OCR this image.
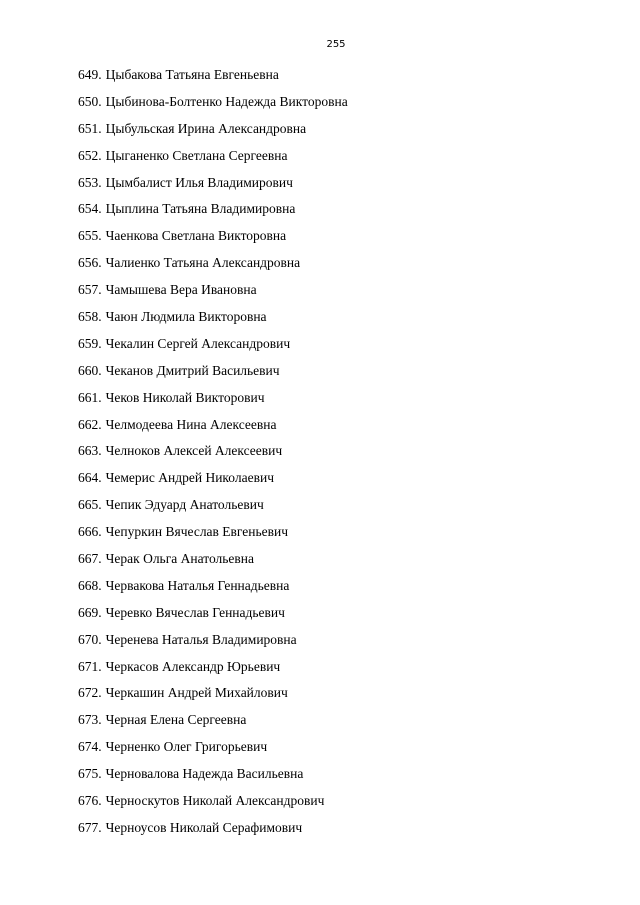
255
649. Цыбакова Татьяна Евгеньевна
650. Цыбинова-Болтенко Надежда Викторовна
651. Цыбульская Ирина Александровна
652. Цыганенко Светлана Сергеевна
653. Цымбалист Илья Владимирович
654. Цыплина Татьяна Владимировна
655. Чаенкова Светлана Викторовна
656. Чалиенко Татьяна Александровна
657. Чамышева Вера Ивановна
658. Чаюн Людмила Викторовна
659. Чекалин Сергей Александрович
660. Чеканов Дмитрий Васильевич
661. Чеков Николай Викторович
662. Челмодеева Нина Алексеевна
663. Челноков Алексей Алексеевич
664. Чемерис Андрей Николаевич
665. Чепик Эдуард Анатольевич
666. Чепуркин Вячеслав Евгеньевич
667. Черак Ольга Анатольевна
668. Червакова Наталья Геннадьевна
669. Черевко Вячеслав Геннадьевич
670. Черенева Наталья Владимировна
671. Черкасов Александр Юрьевич
672. Черкашин Андрей Михайлович
673. Черная Елена Сергеевна
674. Черненко Олег Григорьевич
675. Черновалова Надежда Васильевна
676. Черноскутов Николай Александрович
677. Черноусов Николай Серафимович
